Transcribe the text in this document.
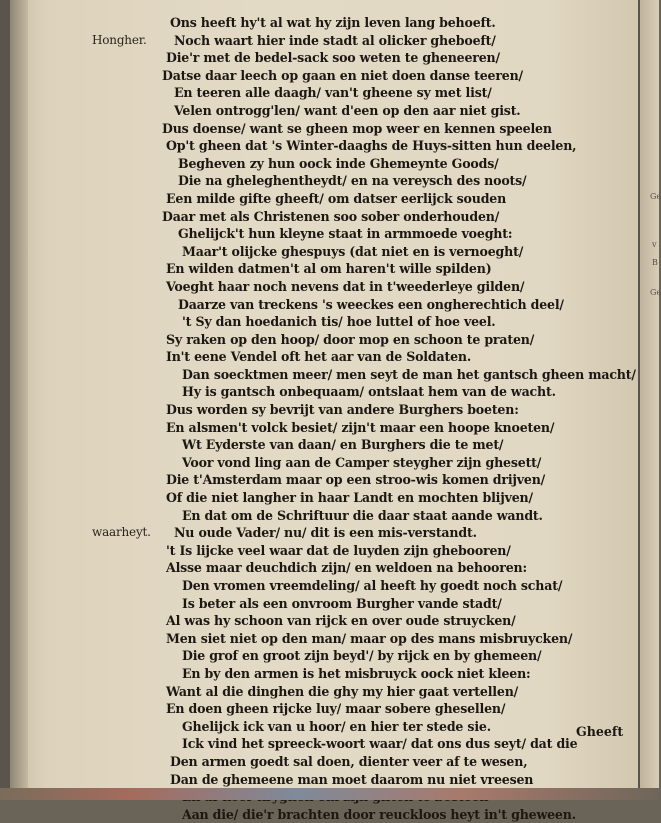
Ons heeft hy't al wat hy zijn leven lang behoeft.
Hongher. Noch waart hier inde stadt al olicker gheboeft/
Die'r met de bedel-sack soo weten te gheneeren/
Datse daar leech op gaan en niet doen danse teeren/
En teeren alle daagh/ van't gheene sy met list/
Velen ontrogg'len/ want d'een op den aar niet gist.
Dus doense/ want se gheen mop weer en kennen speelen
Op't gheen dat 's Winter-daaghs de Huys-sitten hun deelen,
Begheven zy hun oock inde Ghemeynte Goods/
Die na gheleghentheydt/ en na vereysch des noots/
Een milde gifte gheeft/ om datser eerlijck souden
Daar met als Christenen soo sober onderhouden/
Ghelijck't hun kleyne staat in armmoede voeght:
Maar't olijcke ghespuys (dat niet en is vernoeght/
En wilden datmen't al om haren't wille spilden)
Voeght haar noch nevens dat in t'weederleye gilden/
Daarze van treckens 's weeckes een ongherechtich deel/
't Sy dan hoedanich tis/ hoe luttel of hoe veel.
Sy raken op den hoop/ door mop en schoon te praten/
In't eene Vendel oft het aar van de Soldaten.
Dan soecktmen meer/ men seyt de man het gantsch gheen macht/
Hy is gantsch onbequaam/ ontslaat hem van de wacht.
Dus worden sy bevrijt van andere Burghers boeten:
En alsmen't volck besiet/ zijn't maar een hoope knoeten/
Wt Eyderste van daan/ en Burghers die te met/
Voor vond ling aan de Camper steygher zijn ghesett/
Die t'Amsterdam maar op een stroo-wis komen drijven/
Of die niet langher in haar Landt en mochten blijven/
En dat om de Schriftuur die daar staat aande wandt.
waarheyt. Nu oude Vader/ nu/ dit is een mis-verstandt.
't Is lijcke veel waar dat de luyden zijn ghebooren/
Alsse maar deuchdich zijn/ en weldoen na behooren:
Den vromen vreemdeling/ al heeft hy goedt noch schat/
Is beter als een onvroom Burgher vande stadt/
Al was hy schoon van rijck en over oude struycken/
Men siet niet op den man/ maar op des mans misbruycken/
Die grof en groot zijn beyd'/ by rijck en by ghemeen/
En by den armen is het misbruyck oock niet kleen:
Want al die dinghen die ghy my hier gaat vertellen/
En doen gheen rijcke luy/ maar sobere ghesellen/
Ghelijck ick van u hoor/ en hier ter stede sie.
Ick vind het spreeck-woort waar/ dat ons dus seyt/ dat die
Den armen goedt sal doen, dienter veer af te wesen,
Dan de ghemeene man moet daarom nu niet vreesen
Aan die/ die'r brachten door reuckloos heyt in't gheween.
Gheeft
Ge
v
B
Ge
